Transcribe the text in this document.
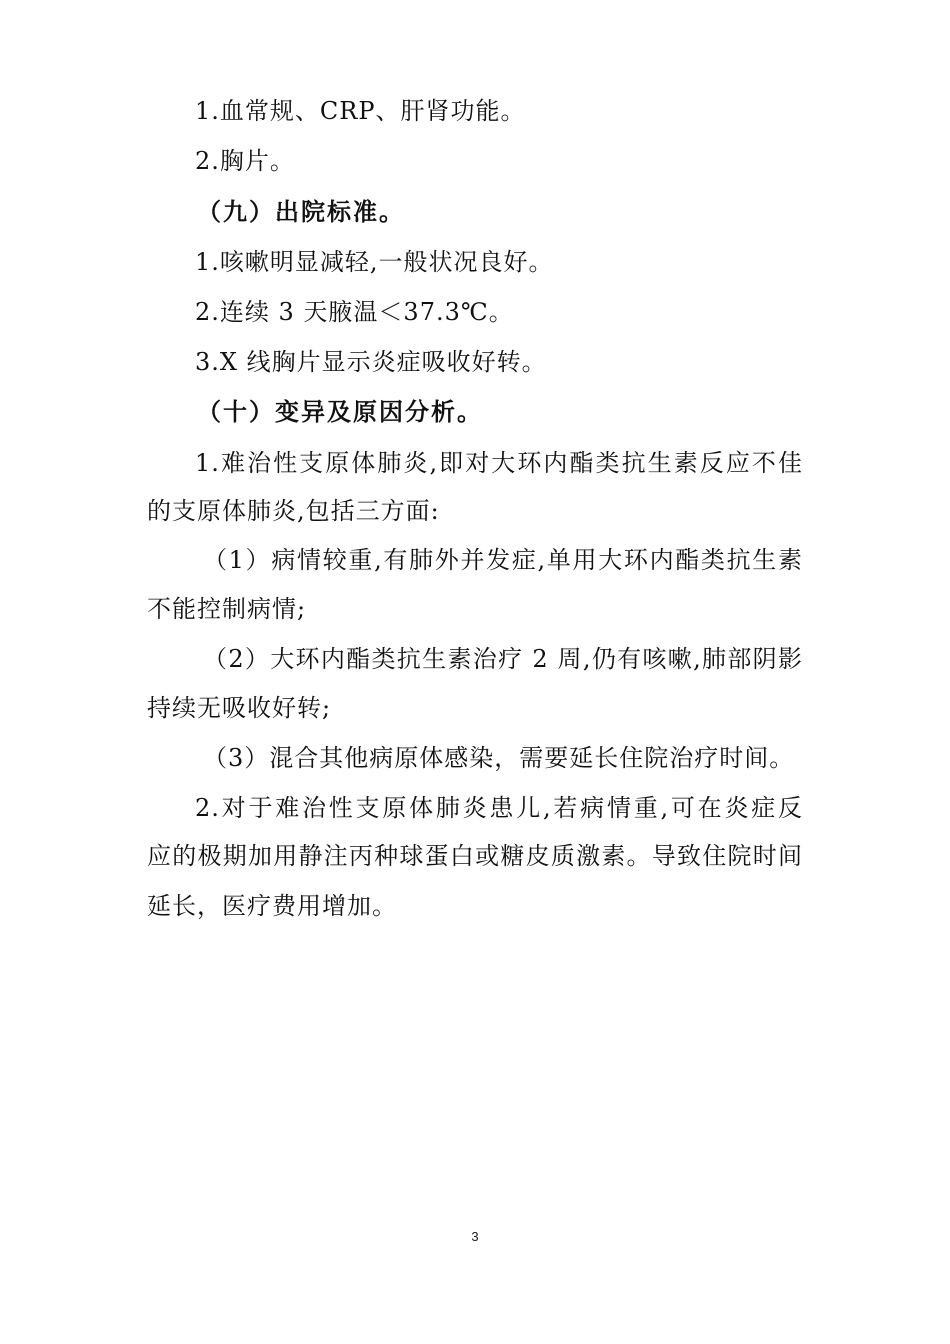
1.血常规、CRP、肝肾功能。
2.胸片。
（九）出院标准。
1.咳嗽明显减轻,一般状况良好。
2.连续 3 天腋温＜37.3℃。
3.X 线胸片显示炎症吸收好转。
（十）变异及原因分析。
1.难治性支原体肺炎,即对大环内酯类抗生素反应不佳
的支原体肺炎,包括三方面:
（1）病情较重,有肺外并发症,单用大环内酯类抗生素
不能控制病情;
（2）大环内酯类抗生素治疗 2 周,仍有咳嗽,肺部阴影
持续无吸收好转;
（3）混合其他病原体感染，需要延长住院治疗时间。
2.对于难治性支原体肺炎患儿,若病情重,可在炎症反
应的极期加用静注丙种球蛋白或糖皮质激素。导致住院时间
延长，医疗费用增加。
3
